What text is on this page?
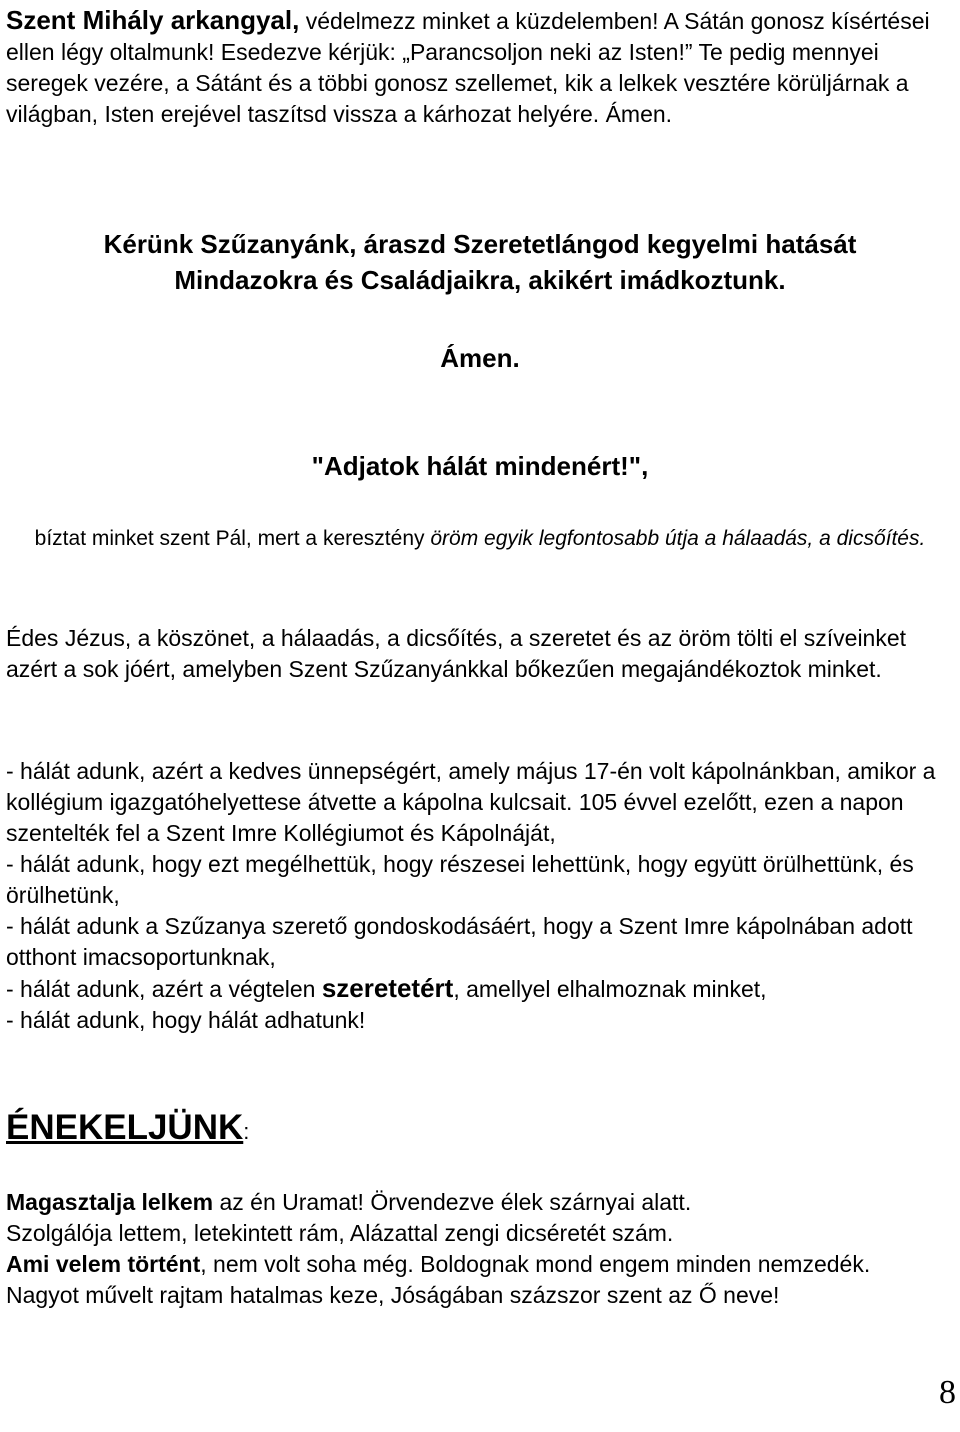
Szent Mihály arkangyal, védelmezz minket a küzdelemben! A Sátán gonosz kísértései ellen légy oltalmunk! Esedezve kérjük: „Parancsoljon neki az Isten!” Te pedig mennyei seregek vezére, a Sátánt és a többi gonosz szellemet, kik a lelkek vesztére körüljárnak a világban, Isten erejével taszítsd vissza a kárhozat helyére. Ámen.

Kérünk Szűzanyánk, áraszd Szeretetlángod kegyelmi hatását
Mindazokra és Családjaikra, akikért imádkoztunk.

Ámen.

"Adjatok hálát mindenért!",

bíztat minket szent Pál, mert a keresztény öröm egyik legfontosabb útja a hálaadás, a dicsőítés.

Édes Jézus, a köszönet, a hálaadás, a dicsőítés, a szeretet és az öröm tölti el szíveinket azért a sok jóért, amelyben Szent Szűzanyánkkal bőkezűen megajándékoztok minket.

- hálát adunk, azért a kedves ünnepségért, amely május 17-én volt kápolnánkban, amikor a kollégium igazgatóhelyettese átvette a kápolna kulcsait. 105 évvel ezelőtt, ezen a napon szentelték fel a Szent Imre Kollégiumot és Kápolnáját,
- hálát adunk, hogy ezt megélhettük, hogy részesei lehettünk, hogy együtt örülhettünk, és örülhetünk,
- hálát adunk a Szűzanya szerető gondoskodásáért, hogy a Szent Imre kápolnában adott otthont imacsoportunknak,
- hálát adunk, azért a végtelen szeretetért, amellyel elhalmoznak minket,
- hálát adunk, hogy hálát adhatunk!

ÉNEKELJÜNK:

Magasztalja lelkem az én Uramat! Örvendezve élek szárnyai alatt.
Szolgálója lettem, letekintett rám, Alázattal zengi dicséretét szám.
Ami velem történt, nem volt soha még. Boldognak mond engem minden nemzedék.
Nagyot művelt rajtam hatalmas keze, Jóságában százszor szent az Ő neve!

8
